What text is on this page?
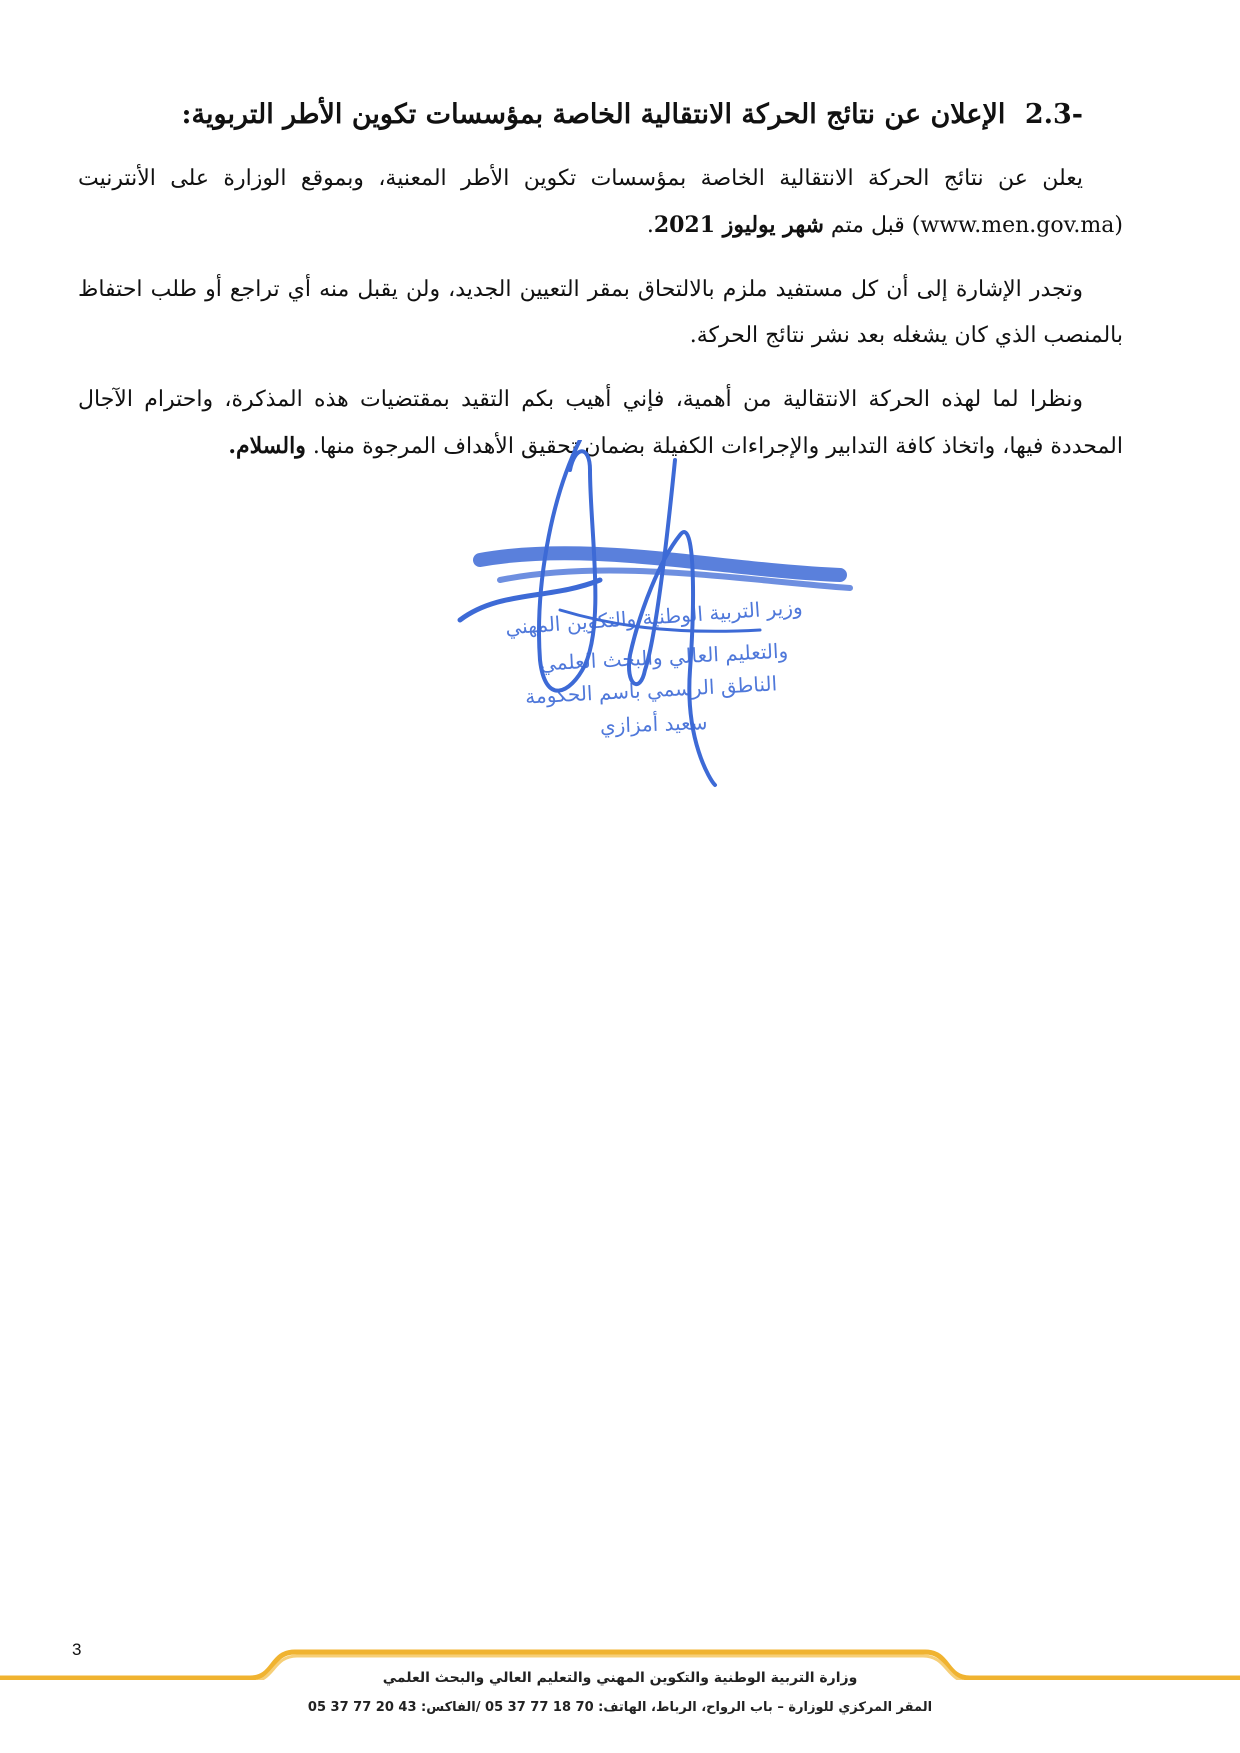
2.3- الإعلان عن نتائج الحركة الانتقالية الخاصة بمؤسسات تكوين الأطر التربوية:

يعلن عن نتائج الحركة الانتقالية الخاصة بمؤسسات تكوين الأطر المعنية، وبموقع الوزارة على الأنترنيت (www.men.gov.ma) قبل متم شهر يوليوز 2021.

وتجدر الإشارة إلى أن كل مستفيد ملزم بالالتحاق بمقر التعيين الجديد، ولن يقبل منه أي تراجع أو طلب احتفاظ بالمنصب الذي كان يشغله بعد نشر نتائج الحركة.

ونظرا لما لهذه الحركة الانتقالية من أهمية، فإني أهيب بكم التقيد بمقتضيات هذه المذكرة، واحترام الآجال المحددة فيها، واتخاذ كافة التدابير والإجراءات الكفيلة بضمان تحقيق الأهداف المرجوة منها. والسلام.

وزير التربية الوطنية والتكوين المهني
والتعليم العالي والبحث العلمي
الناطق الرسمي باسم الحكومة
سعيد أمزازي
3
وزارة التربية الوطنية والتكوين المهني والتعليم العالي والبحث العلمي
المقر المركزي للوزارة – باب الرواح، الرباط، الهاتف: 70 18 77 37 05 /الفاكس: 43 20 77 37 05
